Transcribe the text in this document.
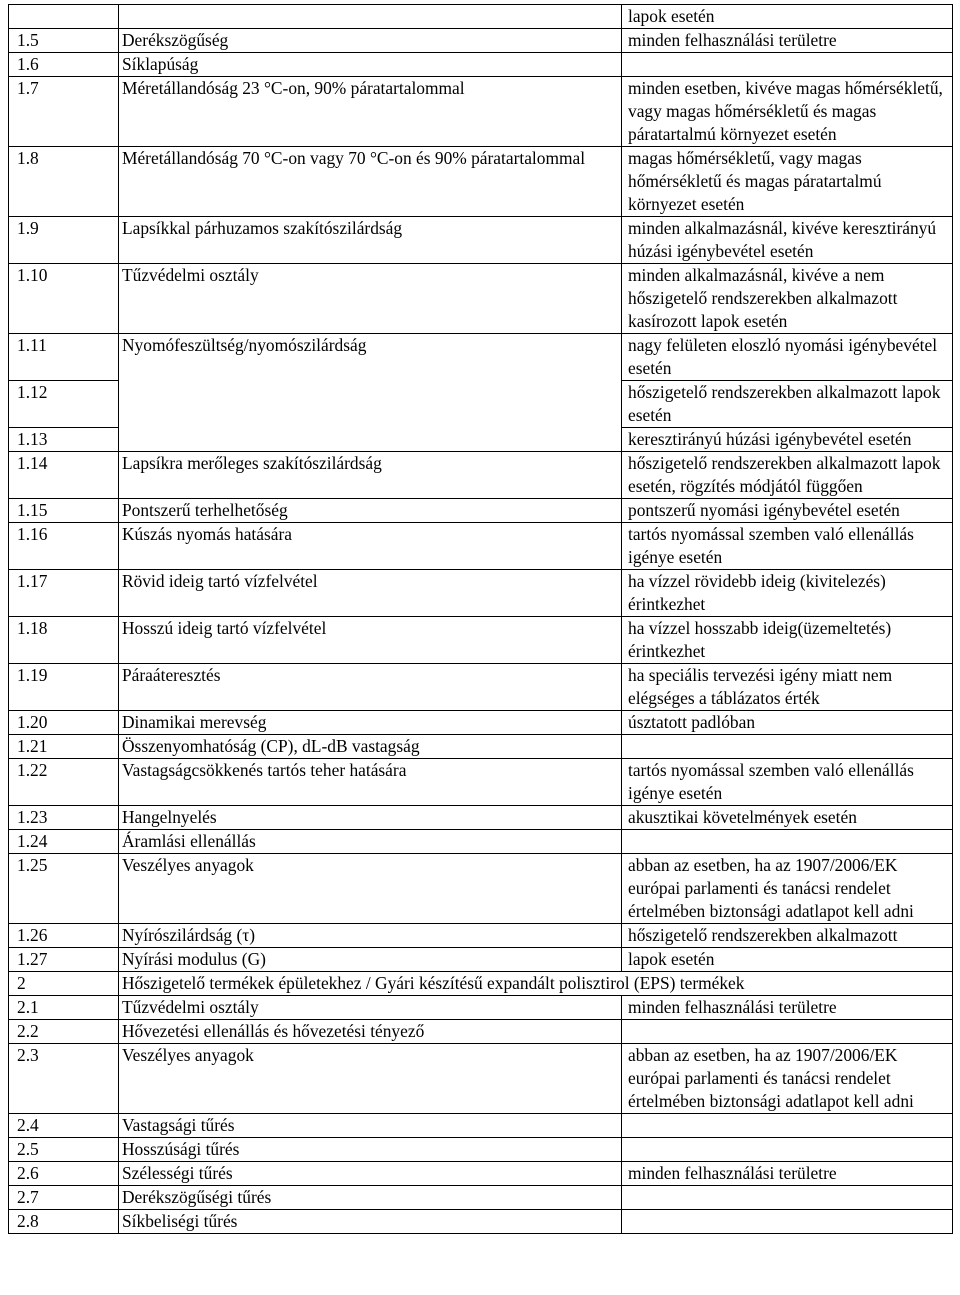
		lapok esetén
1.5	Derékszögűség	minden felhasználási területre
1.6	Síklapúság	
1.7	Méretállandóság 23 °C-on, 90% páratartalommal	minden esetben, kivéve magas hőmérsékletű, vagy magas hőmérsékletű és magas páratartalmú környezet esetén
1.8	Méretállandóság 70 °C-on vagy 70 °C-on és 90% páratartalommal	magas hőmérsékletű, vagy magas hőmérsékletű és magas páratartalmú környezet esetén
1.9	Lapsíkkal párhuzamos szakítószilárdság	minden alkalmazásnál, kivéve keresztirányú húzási igénybevétel esetén
1.10	Tűzvédelmi osztály	minden alkalmazásnál, kivéve a nem hőszigetelő rendszerekben alkalmazott kasírozott lapok esetén
1.11	Nyomófeszültség/nyomószilárdság	nagy felületen eloszló nyomási igénybevétel esetén
1.12		hőszigetelő rendszerekben alkalmazott lapok esetén
1.13		keresztirányú húzási igénybevétel esetén
1.14	Lapsíkra merőleges szakítószilárdság	hőszigetelő rendszerekben alkalmazott lapok esetén, rögzítés módjától függően
1.15	Pontszerű terhelhetőség	pontszerű nyomási igénybevétel esetén
1.16	Kúszás nyomás hatására	tartós nyomással szemben való ellenállás igénye esetén
1.17	Rövid ideig tartó vízfelvétel	ha vízzel rövidebb ideig (kivitelezés) érintkezhet
1.18	Hosszú ideig tartó vízfelvétel	ha vízzel hosszabb ideig(üzemeltetés) érintkezhet
1.19	Páraáteresztés	ha speciális tervezési igény miatt nem elégséges a táblázatos érték
1.20	Dinamikai merevség	úsztatott padlóban
1.21	Összenyomhatóság (CP), dL-dB vastagság	
1.22	Vastagságcsökkenés tartós teher hatására	tartós nyomással szemben való ellenállás igénye esetén
1.23	Hangelnyelés	akusztikai követelmények esetén
1.24	Áramlási ellenállás	
1.25	Veszélyes anyagok	abban az esetben, ha az 1907/2006/EK európai parlamenti és tanácsi rendelet értelmében biztonsági adatlapot kell adni
1.26	Nyírószilárdság (τ)	hőszigetelő rendszerekben alkalmazott
1.27	Nyírási modulus (G)	lapok esetén
2	Hőszigetelő termékek épületekhez / Gyári készítésű expandált polisztirol (EPS) termékek	
2.1	Tűzvédelmi osztály	minden felhasználási területre
2.2	Hővezetési ellenállás és hővezetési tényező	
2.3	Veszélyes anyagok	abban az esetben, ha az 1907/2006/EK európai parlamenti és tanácsi rendelet értelmében biztonsági adatlapot kell adni
2.4	Vastagsági tűrés	
2.5	Hosszúsági tűrés	
2.6	Szélességi tűrés	minden felhasználási területre
2.7	Derékszögűségi tűrés	
2.8	Síkbeliségi tűrés	
